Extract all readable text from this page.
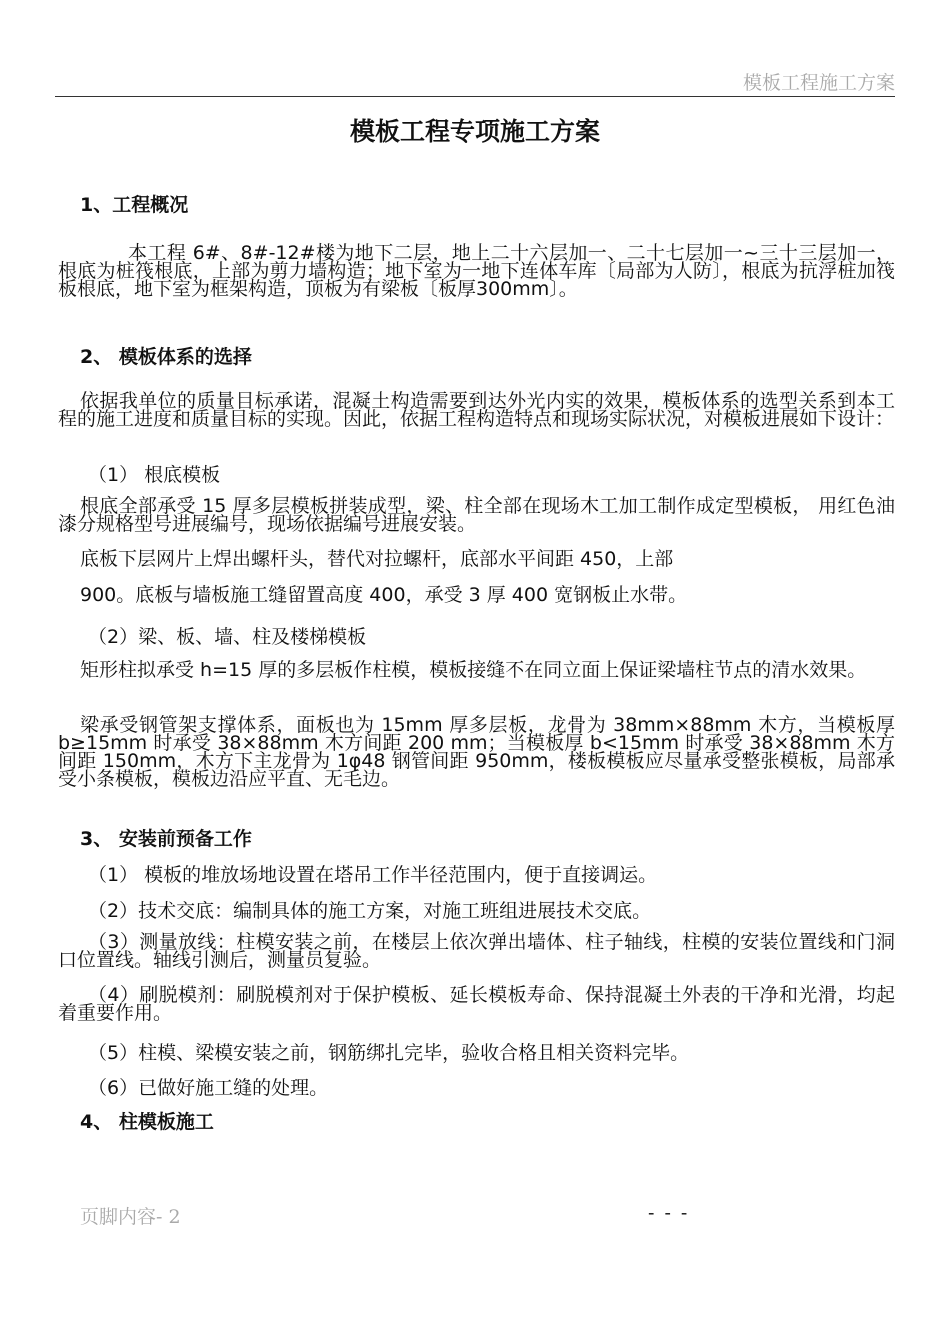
模板工程施工方案
模板工程专项施工方案
1、工程概况
本工程 6#、8#-12#楼为地下二层，地上二十六层加一、二十七层加一~三十三层加一，根底为桩筏根底，上部为剪力墙构造；地下室为一地下连体车库〔局部为人防〕，根底为抗浮桩加筏板根底，地下室为框架构造，顶板为有梁板〔板厚300mm〕。
2、 模板体系的选择
依据我单位的质量目标承诺，混凝土构造需要到达外光内实的效果，模板体系的选型关系到本工程的施工进度和质量目标的实现。因此，依据工程构造特点和现场实际状况，对模板进展如下设计：
（1） 根底模板
根底全部承受 15 厚多层模板拼装成型，梁、柱全部在现场木工加工制作成定型模板， 用红色油漆分规格型号进展编号，现场依据编号进展安装。
底板下层网片上焊出螺杆头，替代对拉螺杆，底部水平间距 450，上部
900。底板与墙板施工缝留置高度 400，承受 3 厚 400 宽钢板止水带。
（2）梁、板、墙、柱及楼梯模板
矩形柱拟承受 h=15 厚的多层板作柱模，模板接缝不在同立面上保证梁墙柱节点的清水效果。
梁承受钢管架支撑体系，面板也为 15mm 厚多层板，龙骨为 38mm×88mm 木方，当模板厚 b≥15mm 时承受 38×88mm 木方间距 200 mm；当模板厚 b<15mm 时承受 38×88mm 木方间距 150mm，木方下主龙骨为 1φ48 钢管间距 950mm，楼板模板应尽量承受整张模板，局部承受小条模板，模板边沿应平直、无毛边。
3、 安装前预备工作
（1） 模板的堆放场地设置在塔吊工作半径范围内，便于直接调运。
（2）技术交底：编制具体的施工方案，对施工班组进展技术交底。
（3）测量放线：柱模安装之前，在楼层上依次弹出墙体、柱子轴线，柱模的安装位置线和门洞口位置线。轴线引测后，测量员复验。
（4）刷脱模剂：刷脱模剂对于保护模板、延长模板寿命、保持混凝土外表的干净和光滑，均起着重要作用。
（5）柱模、梁模安装之前，钢筋绑扎完毕，验收合格且相关资料完毕。
（6）已做好施工缝的处理。
4、 柱模板施工
页脚内容- 2	- - -
